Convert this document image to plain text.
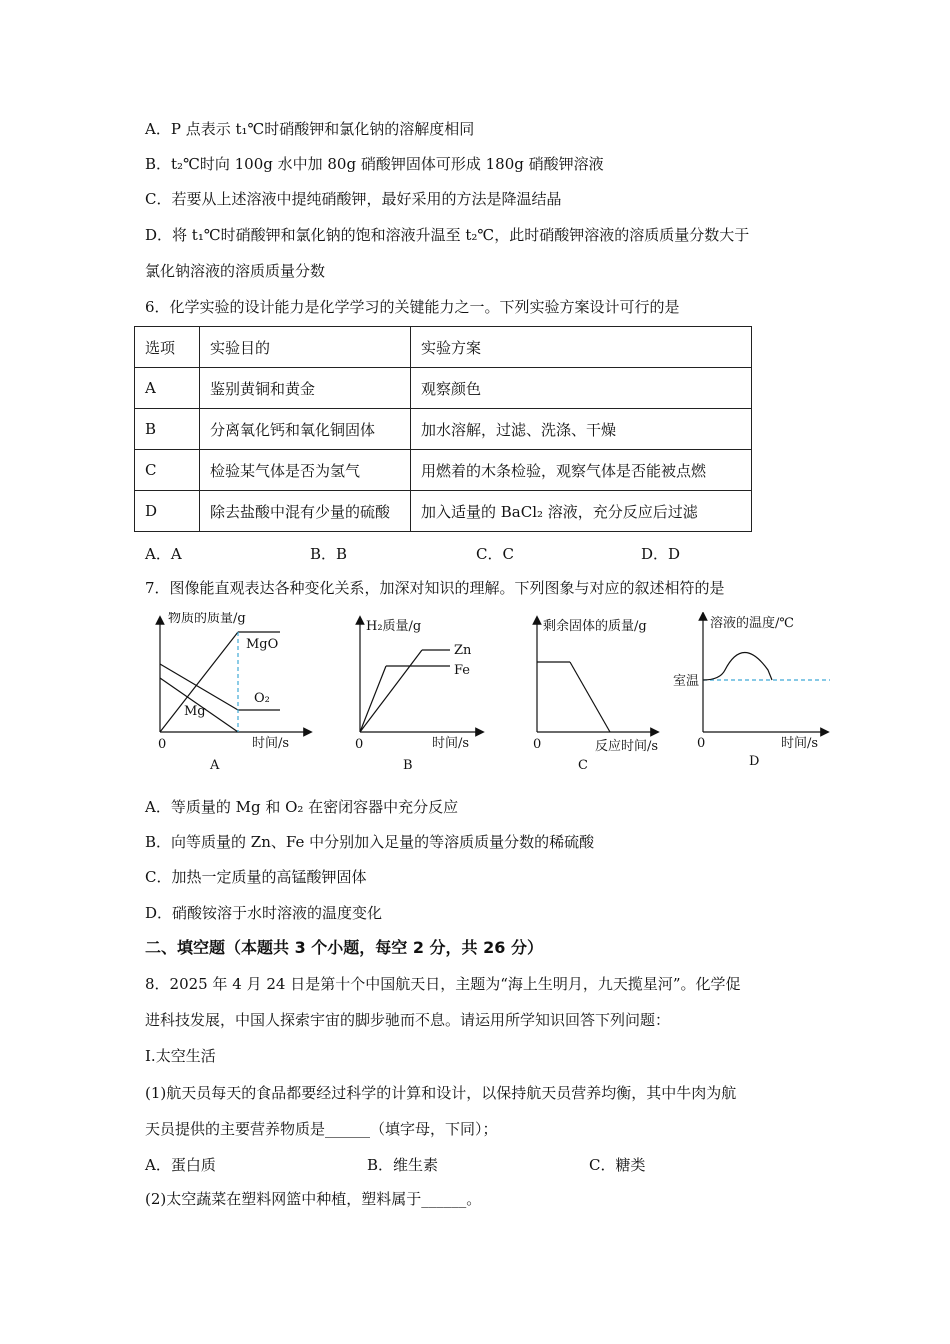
A．P 点表示 t₁℃时硝酸钾和氯化钠的溶解度相同
B．t₂℃时向 100g 水中加 80g 硝酸钾固体可形成 180g 硝酸钾溶液
C．若要从上述溶液中提纯硝酸钾，最好采用的方法是降温结晶
D．将 t₁℃时硝酸钾和氯化钠的饱和溶液升温至 t₂℃，此时硝酸钾溶液的溶质质量分数大于
氯化钠溶液的溶质质量分数
6．化学实验的设计能力是化学学习的关键能力之一。下列实验方案设计可行的是
选项	实验目的	实验方案
A	鉴别黄铜和黄金	观察颜色
B	分离氧化钙和氧化铜固体	加水溶解，过滤、洗涤、干燥
C	检验某气体是否为氢气	用燃着的木条检验，观察气体是否能被点燃
D	除去盐酸中混有少量的硫酸	加入适量的 BaCl₂ 溶液，充分反应后过滤
A．A	B．B	C．C	D．D
7．图像能直观表达各种变化关系，加深对知识的理解。下列图象与对应的叙述相符的是
物质的质量/g
时间/s
0
A
MgO
O₂
Mg
H₂质量/g
时间/s
0
B
Zn
Fe
剩余固体的质量/g
反应时间/s
0
C
溶液的温度/℃
时间/s
0
D
室温
A．等质量的 Mg 和 O₂ 在密闭容器中充分反应
B．向等质量的 Zn、Fe 中分别加入足量的等溶质质量分数的稀硫酸
C．加热一定质量的高锰酸钾固体
D．硝酸铵溶于水时溶液的温度变化
二、填空题（本题共 3 个小题，每空 2 分，共 26 分）
8．2025 年 4 月 24 日是第十个中国航天日，主题为“海上生明月，九天揽星河”。化学促
进科技发展，中国人探索宇宙的脚步驰而不息。请运用所学知识回答下列问题：
I.太空生活
(1)航天员每天的食品都要经过科学的计算和设计，以保持航天员营养均衡，其中牛肉为航
天员提供的主要营养物质是______（填字母，下同）；
A．蛋白质	B．维生素	C．糖类
(2)太空蔬菜在塑料网篮中种植，塑料属于______。
